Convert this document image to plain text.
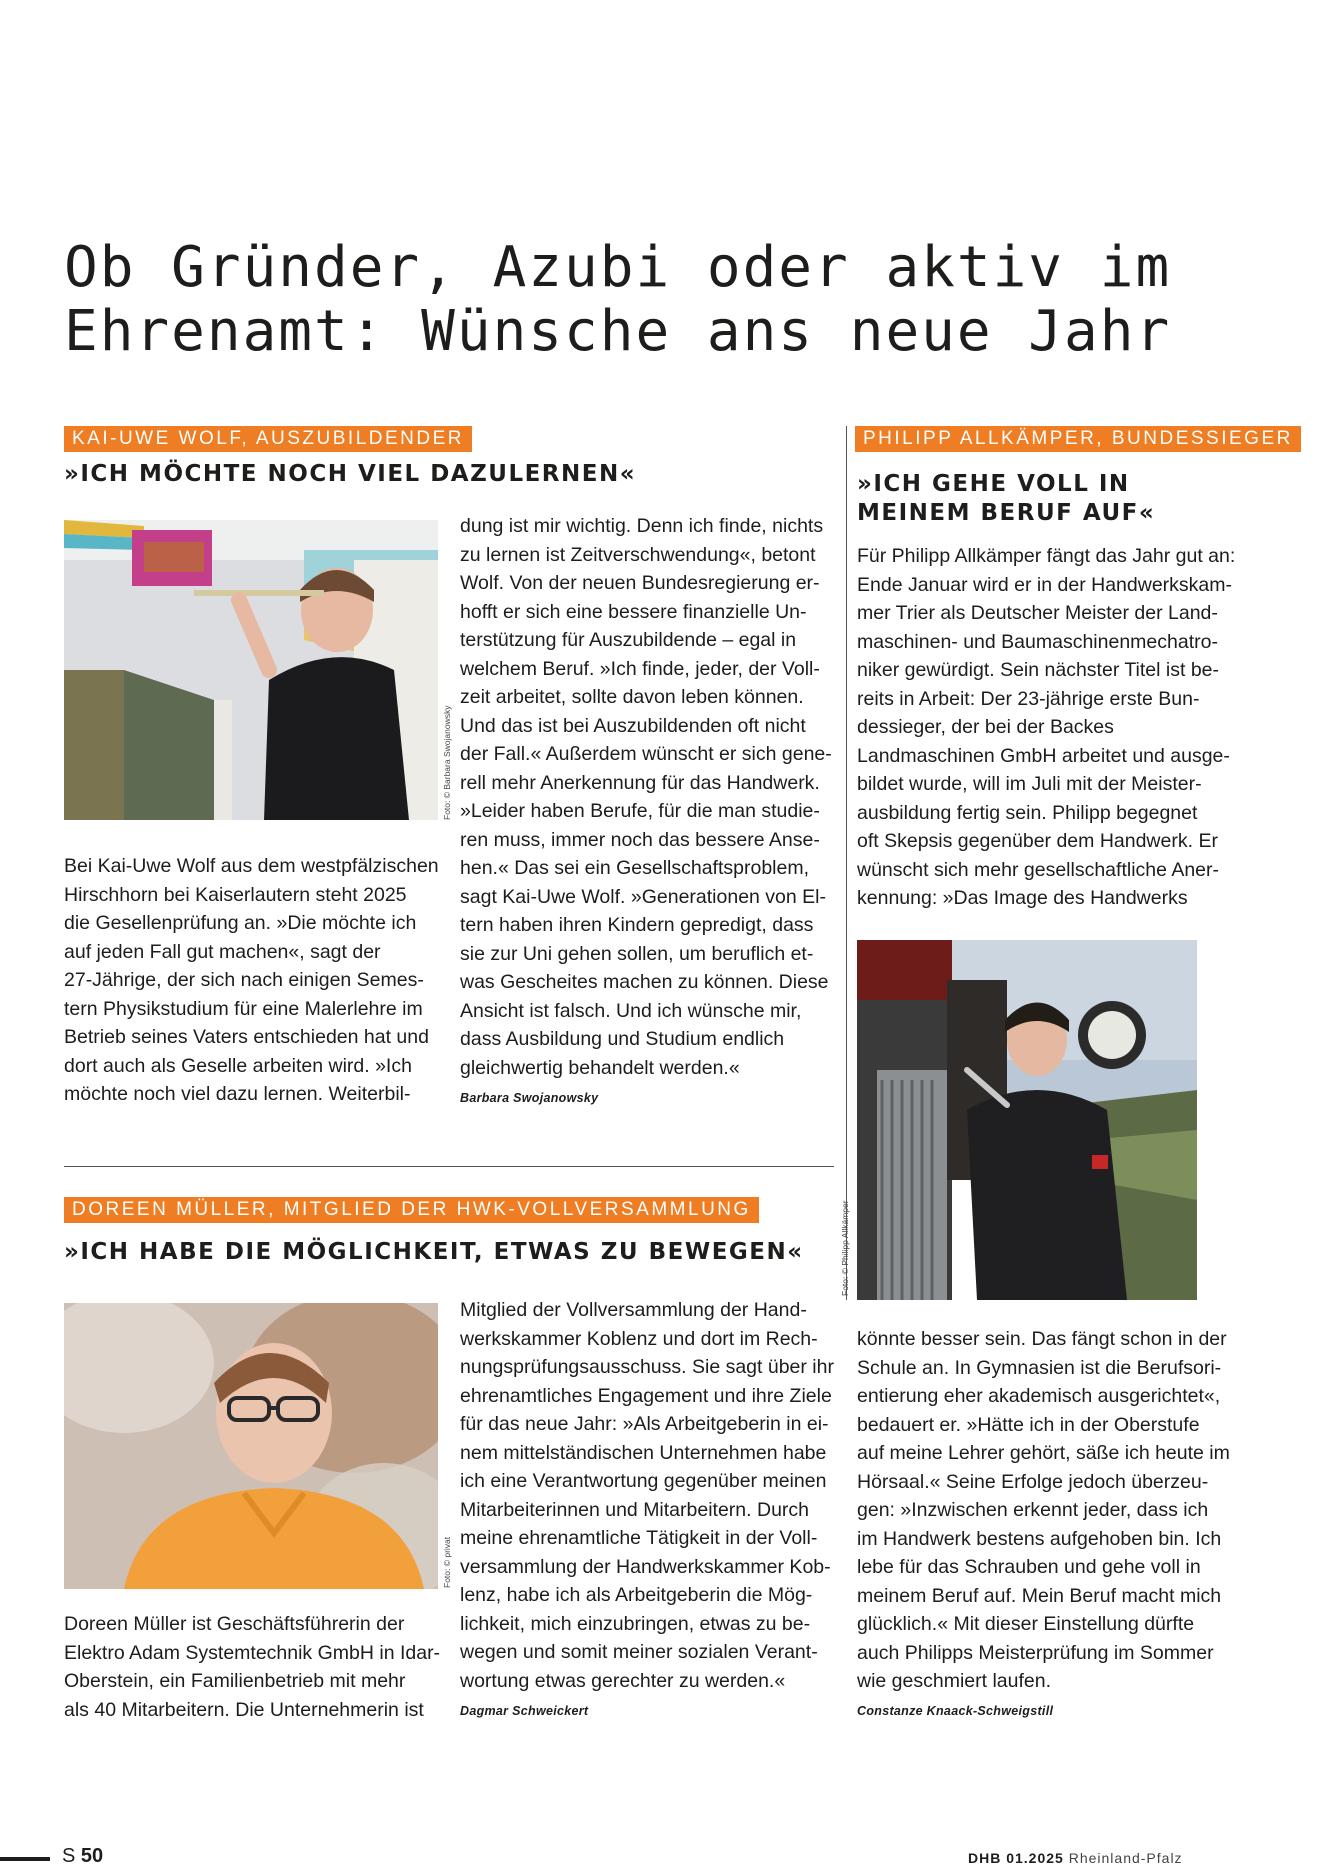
Ob Gründer, Azubi oder aktiv im
Ehrenamt: Wünsche ans neue Jahr
KAI-UWE WOLF, AUSZUBILDENDER
»ICH MÖCHTE NOCH VIEL DAZULERNEN«
Foto: © Barbara Swojanowsky
Bei Kai-Uwe Wolf aus dem westpfälzischen
Hirschhorn bei Kaiserlautern steht 2025
die Gesellenprüfung an. »Die möchte ich
auf jeden Fall gut machen«, sagt der
27-Jährige, der sich nach einigen Semes-
tern Physikstudium für eine Malerlehre im
Betrieb seines Vaters entschieden hat und
dort auch als Geselle arbeiten wird. »Ich
möchte noch viel dazu lernen. Weiterbil-
dung ist mir wichtig. Denn ich finde, nichts
zu lernen ist Zeitverschwendung«, betont
Wolf. Von der neuen Bundesregierung er-
hofft er sich eine bessere finanzielle Un-
terstützung für Auszubildende – egal in
welchem Beruf. »Ich finde, jeder, der Voll-
zeit arbeitet, sollte davon leben können.
Und das ist bei Auszubildenden oft nicht
der Fall.« Außerdem wünscht er sich gene-
rell mehr Anerkennung für das Handwerk.
»Leider haben Berufe, für die man studie-
ren muss, immer noch das bessere Anse-
hen.« Das sei ein Gesellschaftsproblem,
sagt Kai-Uwe Wolf. »Generationen von El-
tern haben ihren Kindern gepredigt, dass
sie zur Uni gehen sollen, um beruflich et-
was Gescheites machen zu können. Diese
Ansicht ist falsch. Und ich wünsche mir,
dass Ausbildung und Studium endlich
gleichwertig behandelt werden.«
Barbara Swojanowsky
PHILIPP ALLKÄMPER, BUNDESSIEGER
»ICH GEHE VOLL IN
MEINEM BERUF AUF«
Für Philipp Allkämper fängt das Jahr gut an:
Ende Januar wird er in der Handwerkskam-
mer Trier als Deutscher Meister der Land-
maschinen- und Baumaschinenmechatro-
niker gewürdigt. Sein nächster Titel ist be-
reits in Arbeit: Der 23-jährige erste Bun-
dessieger, der bei der Backes
Landmaschinen GmbH arbeitet und ausge-
bildet wurde, will im Juli mit der Meister-
ausbildung fertig sein. Philipp begegnet
oft Skepsis gegenüber dem Handwerk. Er
wünscht sich mehr gesellschaftliche Aner-
kennung: »Das Image des Handwerks
Foto: © Philipp Allkämper
könnte besser sein. Das fängt schon in der
Schule an. In Gymnasien ist die Berufsori-
entierung eher akademisch ausgerichtet«,
bedauert er. »Hätte ich in der Oberstufe
auf meine Lehrer gehört, säße ich heute im
Hörsaal.« Seine Erfolge jedoch überzeu-
gen: »Inzwischen erkennt jeder, dass ich
im Handwerk bestens aufgehoben bin. Ich
lebe für das Schrauben und gehe voll in
meinem Beruf auf. Mein Beruf macht mich
glücklich.« Mit dieser Einstellung dürfte
auch Philipps Meisterprüfung im Sommer
wie geschmiert laufen.
Constanze Knaack-Schweigstill
DOREEN MÜLLER, MITGLIED DER HWK-VOLLVERSAMMLUNG
»ICH HABE DIE MÖGLICHKEIT, ETWAS ZU BEWEGEN«
Foto: © privat
Doreen Müller ist Geschäftsführerin der
Elektro Adam Systemtechnik GmbH in Idar-
Oberstein, ein Familienbetrieb mit mehr
als 40 Mitarbeitern. Die Unternehmerin ist
Mitglied der Vollversammlung der Hand-
werkskammer Koblenz und dort im Rech-
nungsprüfungsausschuss. Sie sagt über ihr
ehrenamtliches Engagement und ihre Ziele
für das neue Jahr: »Als Arbeitgeberin in ei-
nem mittelständischen Unternehmen habe
ich eine Verantwortung gegenüber meinen
Mitarbeiterinnen und Mitarbeitern. Durch
meine ehrenamtliche Tätigkeit in der Voll-
versammlung der Handwerkskammer Kob-
lenz, habe ich als Arbeitgeberin die Mög-
lichkeit, mich einzubringen, etwas zu be-
wegen und somit meiner sozialen Verant-
wortung etwas gerechter zu werden.«
Dagmar Schweickert
S 50	DHB 01.2025 Rheinland-Pfalz
